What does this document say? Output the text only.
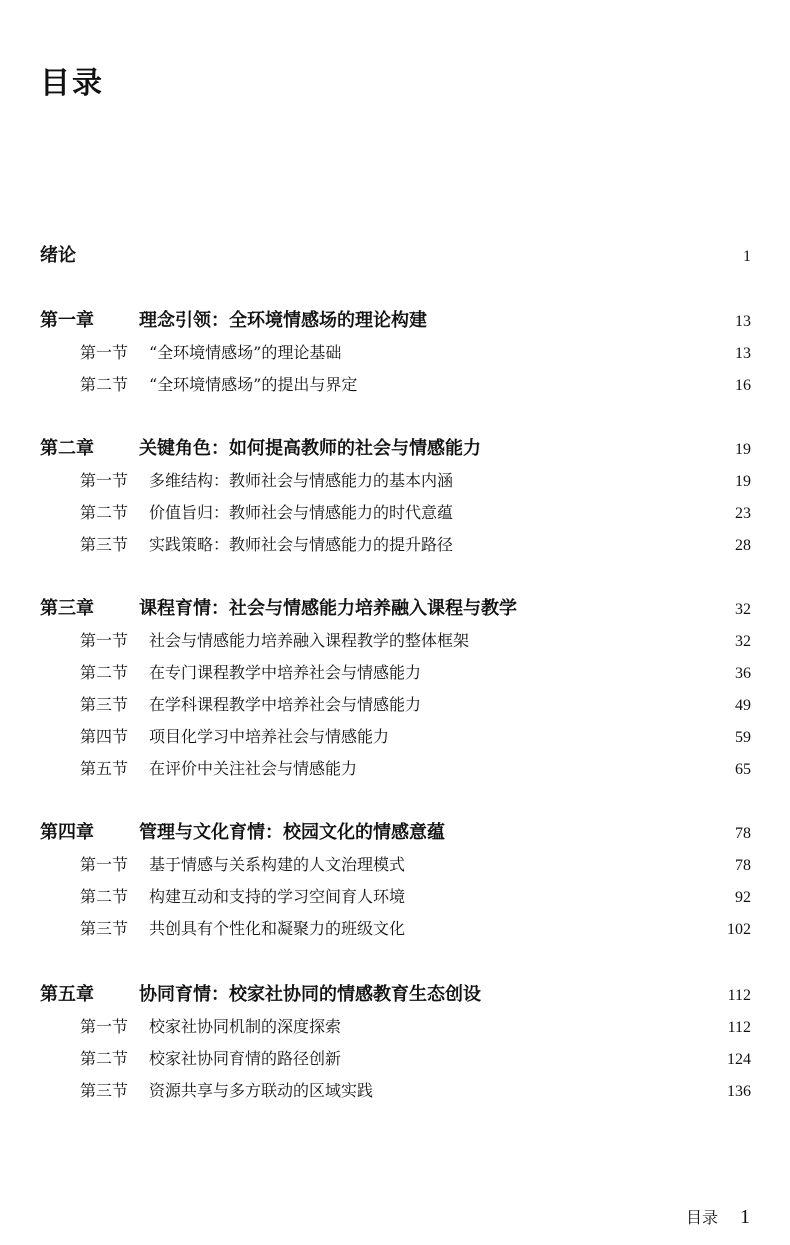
目录
绪论	1
第一章	理念引领：全环境情感场的理论构建	13
第一节	“全环境情感场”的理论基础	13
第二节	“全环境情感场”的提出与界定	16
第二章	关键角色：如何提高教师的社会与情感能力	19
第一节	多维结构：教师社会与情感能力的基本内涵	19
第二节	价值旨归：教师社会与情感能力的时代意蕴	23
第三节	实践策略：教师社会与情感能力的提升路径	28
第三章	课程育情：社会与情感能力培养融入课程与教学	32
第一节	社会与情感能力培养融入课程教学的整体框架	32
第二节	在专门课程教学中培养社会与情感能力	36
第三节	在学科课程教学中培养社会与情感能力	49
第四节	项目化学习中培养社会与情感能力	59
第五节	在评价中关注社会与情感能力	65
第四章	管理与文化育情：校园文化的情感意蕴	78
第一节	基于情感与关系构建的人文治理模式	78
第二节	构建互动和支持的学习空间育人环境	92
第三节	共创具有个性化和凝聚力的班级文化	102
第五章	协同育情：校家社协同的情感教育生态创设	112
第一节	校家社协同机制的深度探索	112
第二节	校家社协同育情的路径创新	124
第三节	资源共享与多方联动的区域实践	136
目录 1
